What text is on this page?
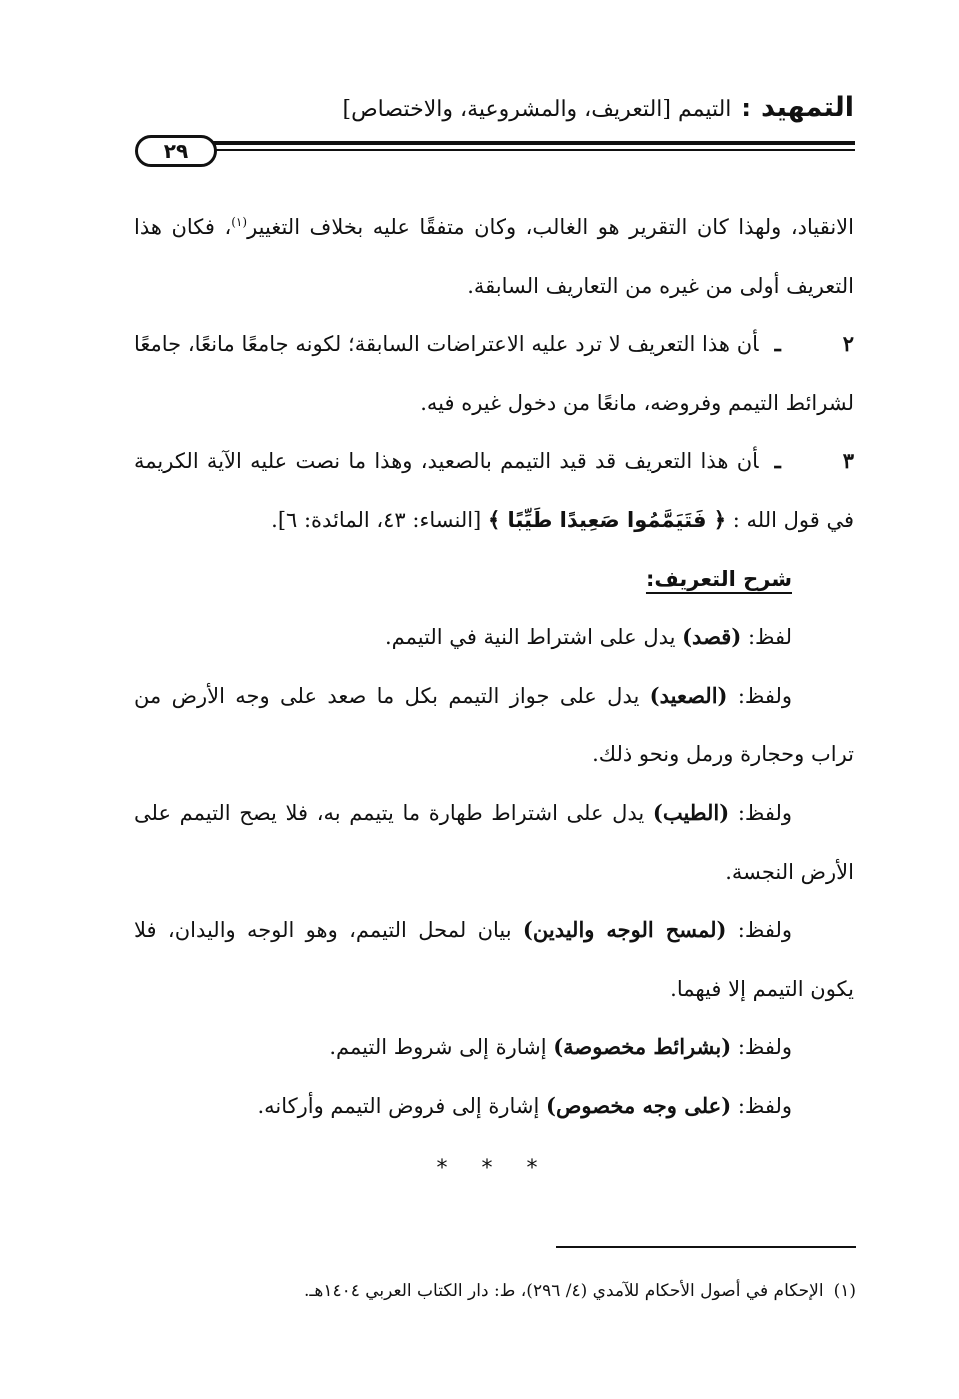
التمهيد
:
التيمم [التعريف، والمشروعية، والاختصاص]
٢٩

الانقياد، ولهذا كان التقرير هو الغالب، وكان متفقًا عليه بخلاف التغيير$^{(١)}$، فكان هذا التعريف أولى من غيره من التعاريف السابقة.

٢ـأن هذا التعريف لا ترد عليه الاعتراضات السابقة؛ لكونه جامعًا مانعًا، جامعًا لشرائط التيمم وفروضه، مانعًا من دخول غيره فيه.

٣ـأن هذا التعريف قد قيد التيمم بالصعيد، وهذا ما نصت عليه الآية الكريمة في قول الله : ﴿ فَتَيَمَّمُوا صَعِيدًا طَيِّبًا ﴾ [النساء: ٤٣، المائدة: ٦].

شرح التعريف:

لفظ: (قصد) يدل على اشتراط النية في التيمم.

ولفظ: (الصعيد) يدل على جواز التيمم بكل ما صعد على وجه الأرض من تراب وحجارة ورمل ونحو ذلك.

ولفظ: (الطيب) يدل على اشتراط طهارة ما يتيمم به، فلا يصح التيمم على الأرض النجسة.

ولفظ: (لمسح الوجه واليدين) بيان لمحل التيمم، وهو الوجه واليدان، فلا يكون التيمم إلا فيهما.

ولفظ: (بشرائط مخصوصة) إشارة إلى شروط التيمم.

ولفظ: (على وجه مخصوص) إشارة إلى فروض التيمم وأركانه.

***
(١)الإحكام في أصول الأحكام للآمدي (٤/ ٢٩٦)، ط: دار الكتاب العربي ١٤٠٤هـ.
